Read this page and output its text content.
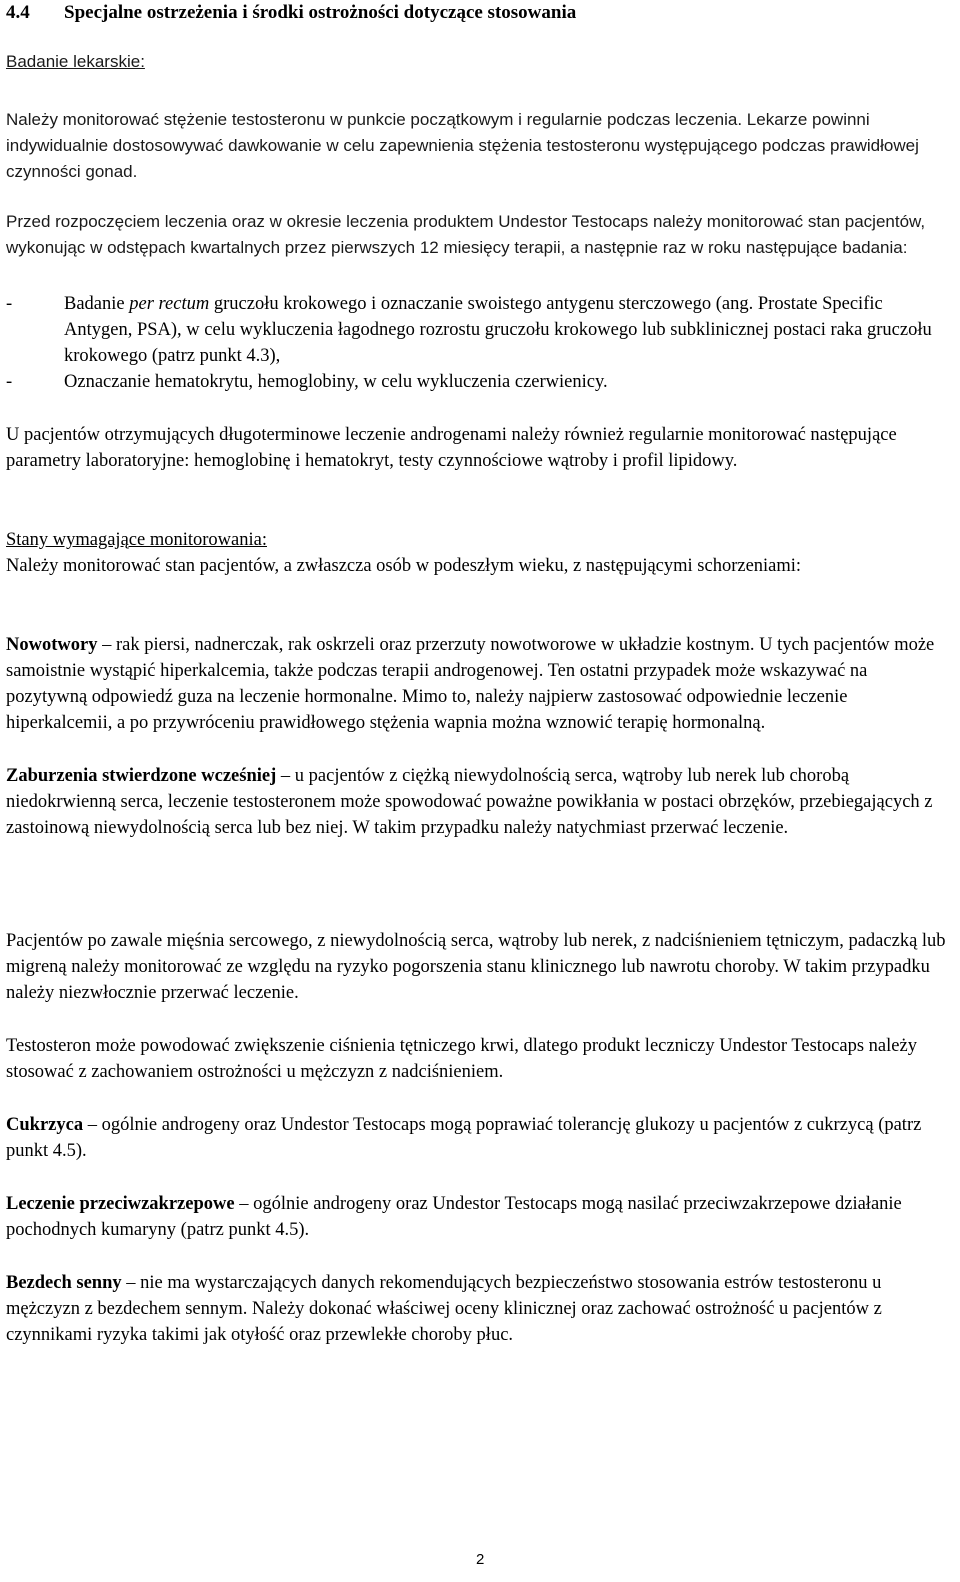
4.4 Specjalne ostrzeżenia i środki ostrożności dotyczące stosowania

Badanie lekarskie:

Należy monitorować stężenie testosteronu w punkcie początkowym i regularnie podczas leczenia. Lekarze powinni indywidualnie dostosowywać dawkowanie w celu zapewnienia stężenia testosteronu występującego podczas prawidłowej czynności gonad.

Przed rozpoczęciem leczenia oraz w okresie leczenia produktem Undestor Testocaps należy monitorować stan pacjentów, wykonując w odstępach kwartalnych przez pierwszych 12 miesięcy terapii, a następnie raz w roku następujące badania:

-	Badanie per rectum gruczołu krokowego i oznaczanie swoistego antygenu sterczowego (ang. Prostate Specific Antygen, PSA), w celu wykluczenia łagodnego rozrostu gruczołu krokowego lub subklinicznej postaci raka gruczołu krokowego (patrz punkt 4.3),
-	Oznaczanie hematokrytu, hemoglobiny, w celu wykluczenia czerwienicy.

U pacjentów otrzymujących długoterminowe leczenie androgenami należy również regularnie monitorować następujące parametry laboratoryjne: hemoglobinę i hematokryt, testy czynnościowe wątroby i profil lipidowy.

Stany wymagające monitorowania:

Należy monitorować stan pacjentów, a zwłaszcza osób w podeszłym wieku, z następującymi schorzeniami:

Nowotwory – rak piersi, nadnerczak, rak oskrzeli oraz przerzuty nowotworowe w układzie kostnym. U tych pacjentów może samoistnie wystąpić hiperkalcemia, także podczas terapii androgenowej. Ten ostatni przypadek może wskazywać na pozytywną odpowiedź guza na leczenie hormonalne. Mimo to, należy najpierw zastosować odpowiednie leczenie hiperkalcemii, a po przywróceniu prawidłowego stężenia wapnia można wznowić terapię hormonalną.

Zaburzenia stwierdzone wcześniej – u pacjentów z ciężką niewydolnością serca, wątroby lub nerek lub chorobą niedokrwienną serca, leczenie testosteronem może spowodować poważne powikłania w postaci obrzęków, przebiegających z zastoinową niewydolnością serca lub bez niej. W takim przypadku należy natychmiast przerwać leczenie.

Pacjentów po zawale mięśnia sercowego, z niewydolnością serca, wątroby lub nerek, z nadciśnieniem tętniczym, padaczką lub migreną należy monitorować ze względu na ryzyko pogorszenia stanu klinicznego lub nawrotu choroby. W takim przypadku należy niezwłocznie przerwać leczenie.

Testosteron może powodować zwiększenie ciśnienia tętniczego krwi, dlatego produkt leczniczy Undestor Testocaps należy stosować z zachowaniem ostrożności u mężczyzn z nadciśnieniem.

Cukrzyca – ogólnie androgeny oraz Undestor Testocaps mogą poprawiać tolerancję glukozy u pacjentów z cukrzycą (patrz punkt 4.5).

Leczenie przeciwzakrzepowe – ogólnie androgeny oraz Undestor Testocaps mogą nasilać przeciwzakrzepowe działanie pochodnych kumaryny (patrz punkt 4.5).

Bezdech senny – nie ma wystarczających danych rekomendujących bezpieczeństwo stosowania estrów testosteronu u mężczyzn z bezdechem sennym. Należy dokonać właściwej oceny klinicznej oraz zachować ostrożność u pacjentów z czynnikami ryzyka takimi jak otyłość oraz przewlekłe choroby płuc.

2
